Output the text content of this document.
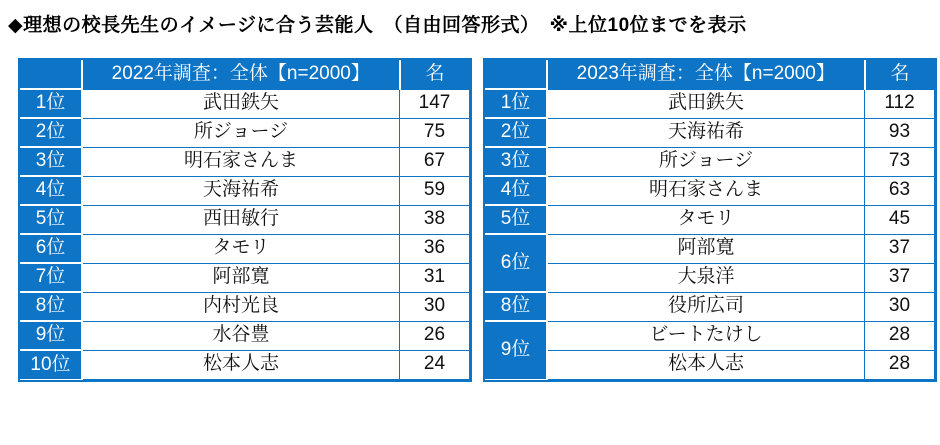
◆理想の校長先生のイメージに合う芸能人　（自由回答形式）　※上位10位までを表示
	2022年調査：全体【n=2000】	名
1位	武田鉄矢	147
2位	所ジョージ	75
3位	明石家さんま	67
4位	天海祐希	59
5位	西田敏行	38
6位	タモリ	36
7位	阿部寛	31
8位	内村光良	30
9位	水谷豊	26
10位	松本人志	24
	2023年調査：全体【n=2000】	名
1位	武田鉄矢	112
2位	天海祐希	93
3位	所ジョージ	73
4位	明石家さんま	63
5位	タモリ	45
6位	阿部寛	37
	大泉洋	37
8位	役所広司	30
9位	ビートたけし	28
	松本人志	28
